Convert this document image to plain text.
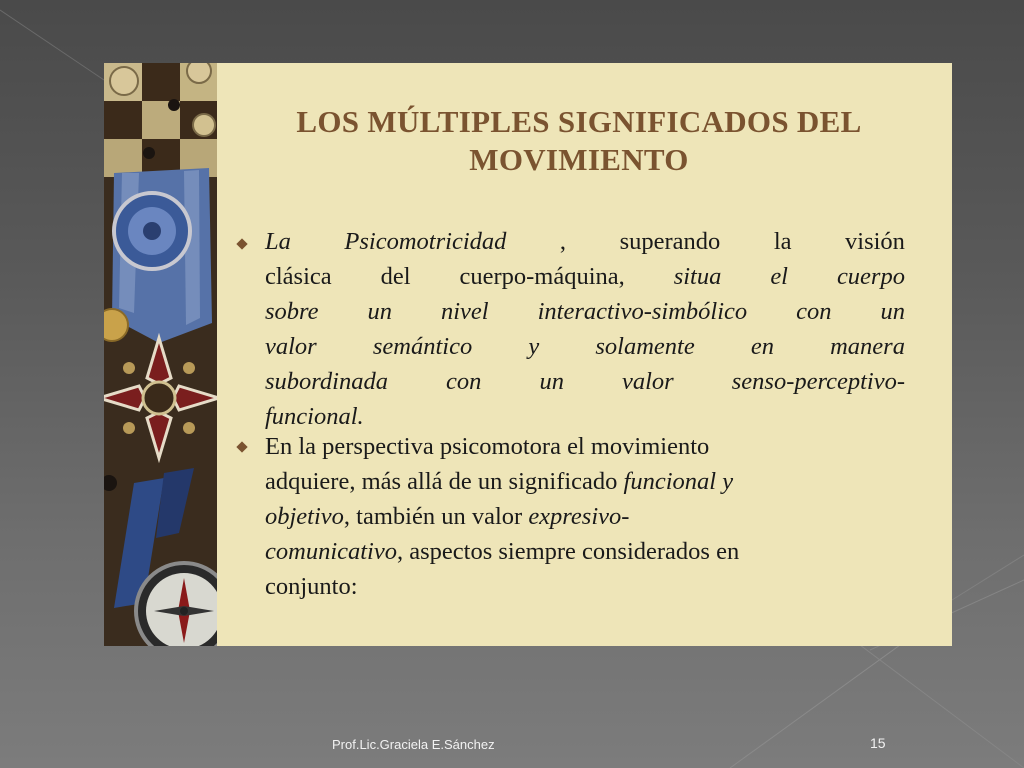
LOS MÚLTIPLES SIGNIFICADOS DEL
MOVIMIENTO
La Psicomotricidad , superando la visión
clásica del cuerpo-máquina, situa el cuerpo
sobre un nivel interactivo-simbólico con un
valor semántico y solamente en manera
subordinada con un valor senso-perceptivo-
funcional.
En la perspectiva psicomotora el movimiento
adquiere, más allá de un significado funcional y
objetivo, también un valor expresivo-
comunicativo, aspectos siempre considerados en
conjunto:
Prof.Lic.Graciela E.Sánchez	15
